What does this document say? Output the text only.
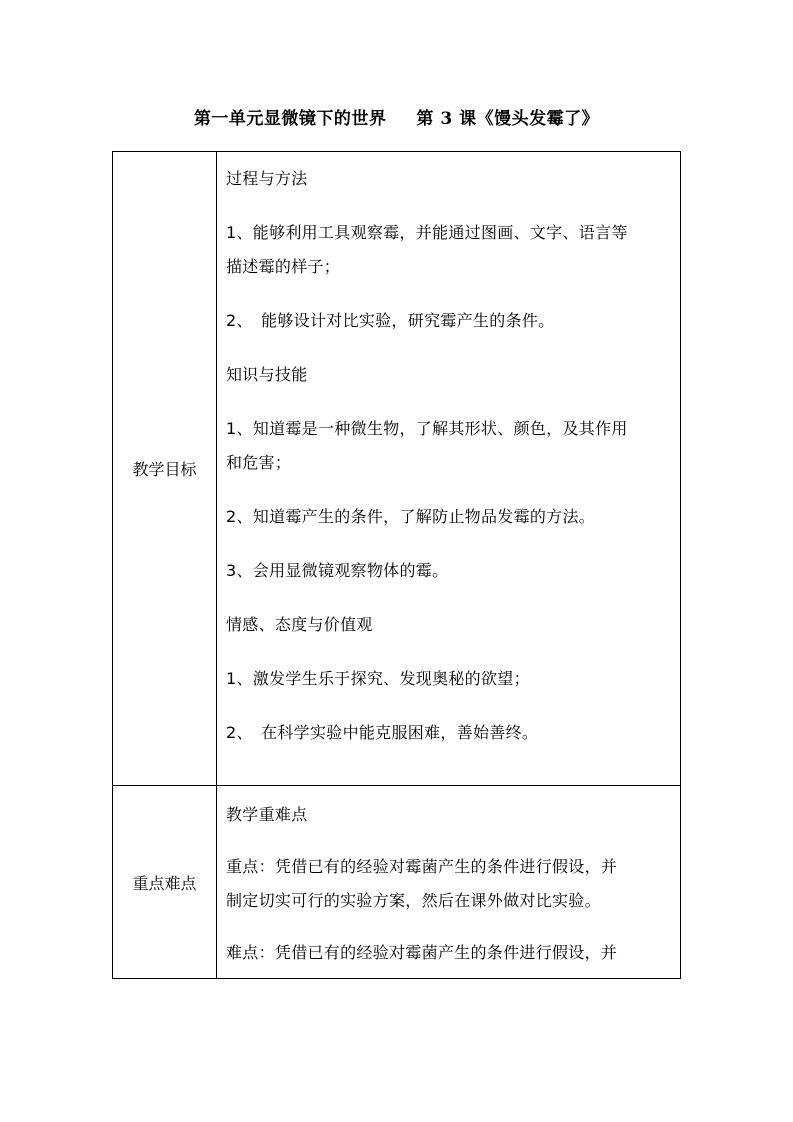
第一单元显微镜下的世界 第 3 课《馒头发霉了》
教学目标

过程与方法

1、能够利用工具观察霉，并能通过图画、文字、语言等

描述霉的样子；

2、　能够设计对比实验，研究霉产生的条件。

知识与技能

1、知道霉是一种微生物，了解其形状、颜色，及其作用

和危害；

2、知道霉产生的条件，了解防止物品发霉的方法。

3、会用显微镜观察物体的霉。

情感、态度与价值观

1、激发学生乐于探究、发现奥秘的欲望；

2、　在科学实验中能克服困难，善始善终。

重点难点

教学重难点

重点：凭借已有的经验对霉菌产生的条件进行假设，并

制定切实可行的实验方案，然后在课外做对比实验。

难点：凭借已有的经验对霉菌产生的条件进行假设，并
